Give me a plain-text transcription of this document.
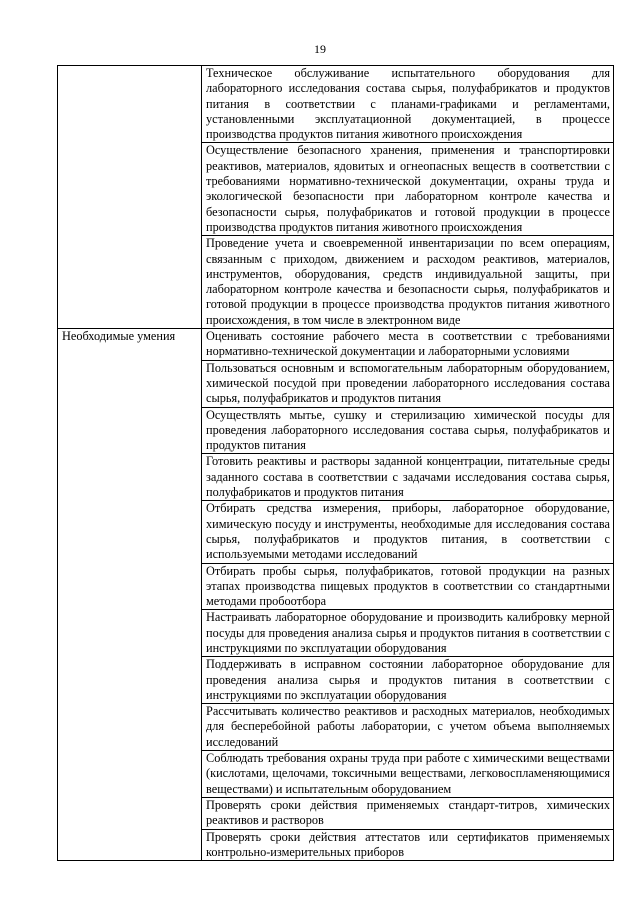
19

	Техническое обслуживание испытательного оборудования для лабораторного исследования состава сырья, полуфабрикатов и продуктов питания в соответствии с планами-графиками и регламентами, установленными эксплуатационной документацией, в процессе производства продуктов питания животного происхождения

	Осуществление безопасного хранения, применения и транспортировки реактивов, материалов, ядовитых и огнеопасных веществ в соответствии с требованиями нормативно-технической документации, охраны труда и экологической безопасности при лабораторном контроле качества и безопасности сырья, полуфабрикатов и готовой продукции в процессе производства продуктов питания животного происхождения

	Проведение учета и своевременной инвентаризации по всем операциям, связанным с приходом, движением и расходом реактивов, материалов, инструментов, оборудования, средств индивидуальной защиты, при лабораторном контроле качества и безопасности сырья, полуфабрикатов и готовой продукции в процессе производства продуктов питания животного происхождения, в том числе в электронном виде

Необходимые умения	Оценивать состояние рабочего места в соответствии с требованиями нормативно-технической документации и лабораторными условиями

	Пользоваться основным и вспомогательным лабораторным оборудованием, химической посудой при проведении лабораторного исследования состава сырья, полуфабрикатов и продуктов питания

	Осуществлять мытье, сушку и стерилизацию химической посуды для проведения лабораторного исследования состава сырья, полуфабрикатов и продуктов питания

	Готовить реактивы и растворы заданной концентрации, питательные среды заданного состава в соответствии с задачами исследования состава сырья, полуфабрикатов и продуктов питания

	Отбирать средства измерения, приборы, лабораторное оборудование, химическую посуду и инструменты, необходимые для исследования состава сырья, полуфабрикатов и продуктов питания, в соответствии с используемыми методами исследований

	Отбирать пробы сырья, полуфабрикатов, готовой продукции на разных этапах производства пищевых продуктов в соответствии со стандартными методами пробоотбора

	Настраивать лабораторное оборудование и производить калибровку мерной посуды для проведения анализа сырья и продуктов питания в соответствии с инструкциями по эксплуатации оборудования

	Поддерживать в исправном состоянии лабораторное оборудование для проведения анализа сырья и продуктов питания в соответствии с инструкциями по эксплуатации оборудования

	Рассчитывать количество реактивов и расходных материалов, необходимых для бесперебойной работы лаборатории, с учетом объема выполняемых исследований

	Соблюдать требования охраны труда при работе с химическими веществами (кислотами, щелочами, токсичными веществами, легковоспламеняющимися веществами) и испытательным оборудованием

	Проверять сроки действия применяемых стандарт-титров, химических реактивов и растворов

	Проверять сроки действия аттестатов или сертификатов применяемых контрольно-измерительных приборов
